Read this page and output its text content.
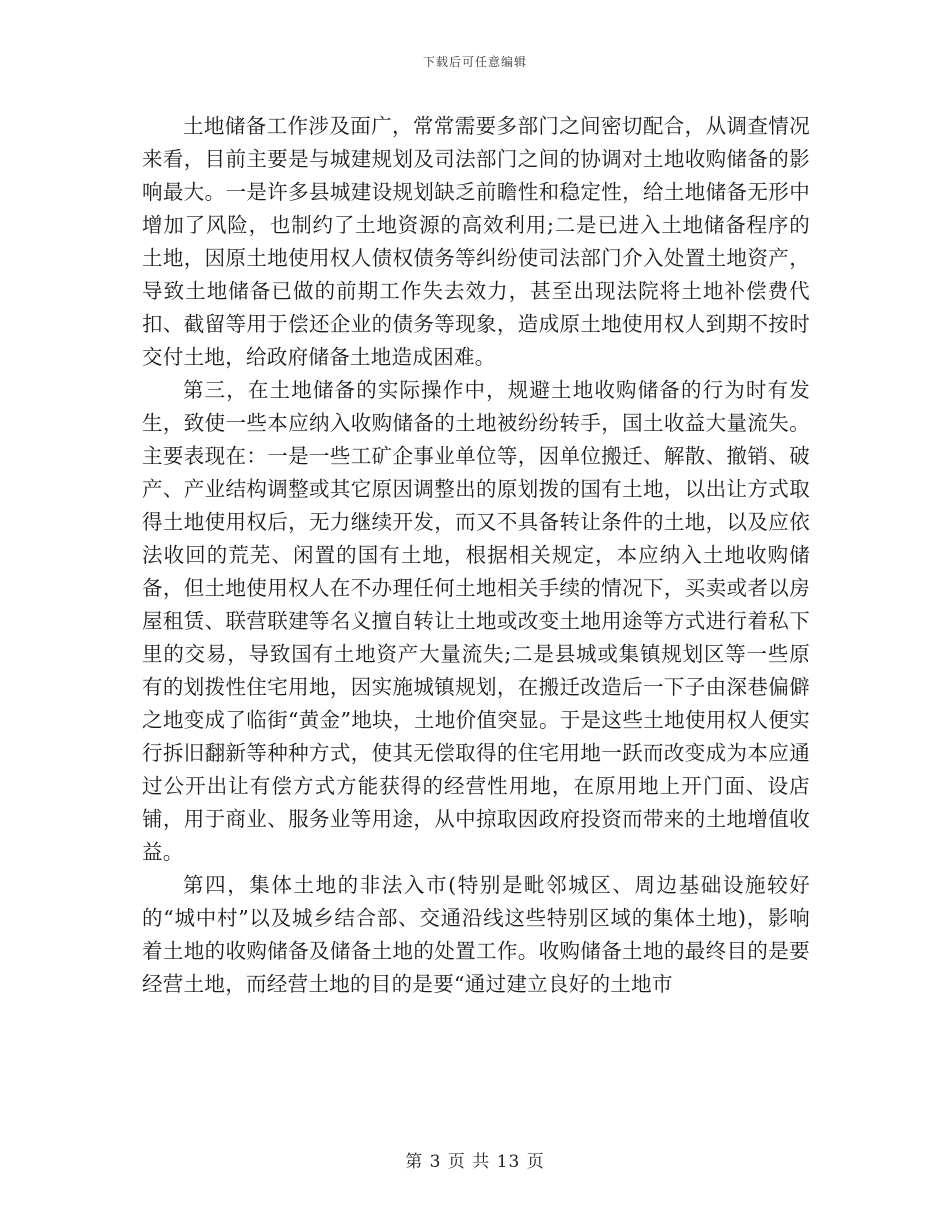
下载后可任意编辑

土地储备工作涉及面广，常常需要多部门之间密切配合，从调查情况来看，目前主要是与城建规划及司法部门之间的协调对土地收购储备的影响最大。一是许多县城建设规划缺乏前瞻性和稳定性，给土地储备无形中增加了风险，也制约了土地资源的高效利用;二是已进入土地储备程序的土地，因原土地使用权人债权债务等纠纷使司法部门介入处置土地资产，导致土地储备已做的前期工作失去效力，甚至出现法院将土地补偿费代扣、截留等用于偿还企业的债务等现象，造成原土地使用权人到期不按时交付土地，给政府储备土地造成困难。

第三，在土地储备的实际操作中，规避土地收购储备的行为时有发生，致使一些本应纳入收购储备的土地被纷纷转手，国土收益大量流失。主要表现在：一是一些工矿企事业单位等，因单位搬迁、解散、撤销、破产、产业结构调整或其它原因调整出的原划拨的国有土地，以出让方式取得土地使用权后，无力继续开发，而又不具备转让条件的土地，以及应依法收回的荒芜、闲置的国有土地，根据相关规定，本应纳入土地收购储备，但土地使用权人在不办理任何土地相关手续的情况下，买卖或者以房屋租赁、联营联建等名义擅自转让土地或改变土地用途等方式进行着私下里的交易，导致国有土地资产大量流失;二是县城或集镇规划区等一些原有的划拨性住宅用地，因实施城镇规划，在搬迁改造后一下子由深巷偏僻之地变成了临街“黄金”地块，土地价值突显。于是这些土地使用权人便实行拆旧翻新等种种方式，使其无偿取得的住宅用地一跃而改变成为本应通过公开出让有偿方式方能获得的经营性用地，在原用地上开门面、设店铺，用于商业、服务业等用途，从中掠取因政府投资而带来的土地增值收益。

第四，集体土地的非法入市(特别是毗邻城区、周边基础设施较好的“城中村”以及城乡结合部、交通沿线这些特别区域的集体土地)，影响着土地的收购储备及储备土地的处置工作。收购储备土地的最终目的是要经营土地，而经营土地的目的是要“通过建立良好的土地市

第 3 页 共 13 页
